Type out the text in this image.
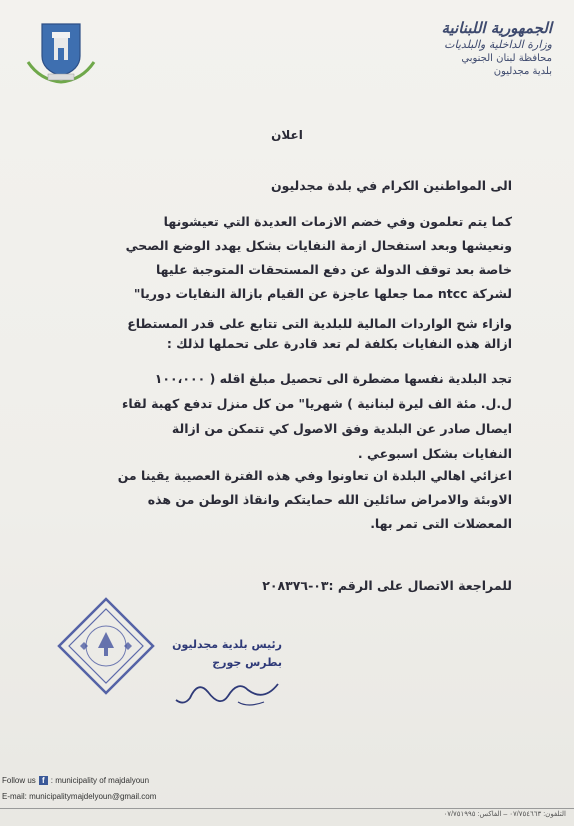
الجمهورية اللبنانية
وزارة الداخلية والبلديات
محافظة لبنان الجنوبي
بلدية مجدليون
اعلان
الى المواطنين الكرام في بلدة مجدليون
كما يتم تعلمون وفي خضم الازمات العديدة التي تعيشونها
ونعيشها وبعد استفحال ازمة النفايات بشكل يهدد الوضع الصحي
خاصة بعد توقف الدولة عن دفع المستحقات المتوجبة عليها
لشركة ntcc مما جعلها عاجزة عن القيام بازالة النفايات دوريا"
وازاء شح الواردات المالية للبلدية التى تتابع على قدر المستطاع
ازالة هذه النفايات بكلفة لم تعد قادرة على تحملها لذلك :
تجد البلدية نفسها مضطرة الى تحصيل مبلغ اقله ( ١٠٠،٠٠٠
ل.ل. مئة الف ليرة لبنانية ) شهريا" من كل منزل تدفع كهبة لقاء
ايصال صادر عن البلدية وفق الاصول كي تتمكن من ازالة
النفايات بشكل اسبوعي .
اعزائي اهالي البلدة ان تعاونوا وفي هذه الفترة العصيبة يقينا من
الاوبئة والامراض سائلين الله حمايتكم وانقاذ الوطن من هذه
المعضلات التى تمر بها.
للمراجعة الاتصال على الرقم :٠٣-٢٠٨٣٧٦
رئيس بلدية مجدليون
بطرس جورج
Follow us f : municipality of majdalyoun
E-mail: municipalitymajdelyoun@gmail.com
التلفون: ٠٧/٧٥٤٦٦٣ – الفاكس: ٠٧/٧٥١٩٩٥
